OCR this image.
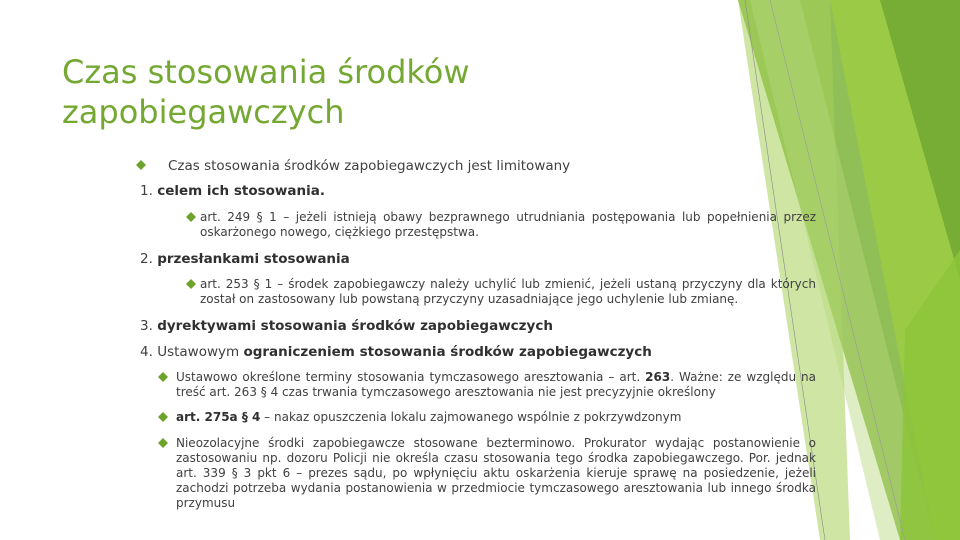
Czas stosowania środków
zapobiegawczych
Czas stosowania środków zapobiegawczych jest limitowany
1. celem ich stosowania.
art. 249 § 1 – jeżeli istnieją obawy bezprawnego utrudniania postępowania lub popełnienia przez oskarżonego nowego, ciężkiego przestępstwa.
2. przesłankami stosowania
art. 253 § 1 – środek zapobiegawczy należy uchylić lub zmienić, jeżeli ustaną przyczyny dla których został on zastosowany lub powstaną przyczyny uzasadniające jego uchylenie lub zmianę.
3. dyrektywami stosowania środków zapobiegawczych
4. Ustawowym ograniczeniem stosowania środków zapobiegawczych
Ustawowo określone terminy stosowania tymczasowego aresztowania – art. 263. Ważne: ze względu na treść art. 263 § 4 czas trwania tymczasowego aresztowania nie jest precyzyjnie określony
art. 275a § 4 – nakaz opuszczenia lokalu zajmowanego wspólnie z pokrzywdzonym
Nieozolacyjne środki zapobiegawcze stosowane bezterminowo. Prokurator wydając postanowienie o zastosowaniu np. dozoru Policji nie określa czasu stosowania tego środka zapobiegawczego. Por. jednak art. 339 § 3 pkt 6 – prezes sądu, po wpłynięciu aktu oskarżenia kieruje sprawę na posiedzenie, jeżeli zachodzi potrzeba wydania postanowienia w przedmiocie tymczasowego aresztowania lub innego środka przymusu
